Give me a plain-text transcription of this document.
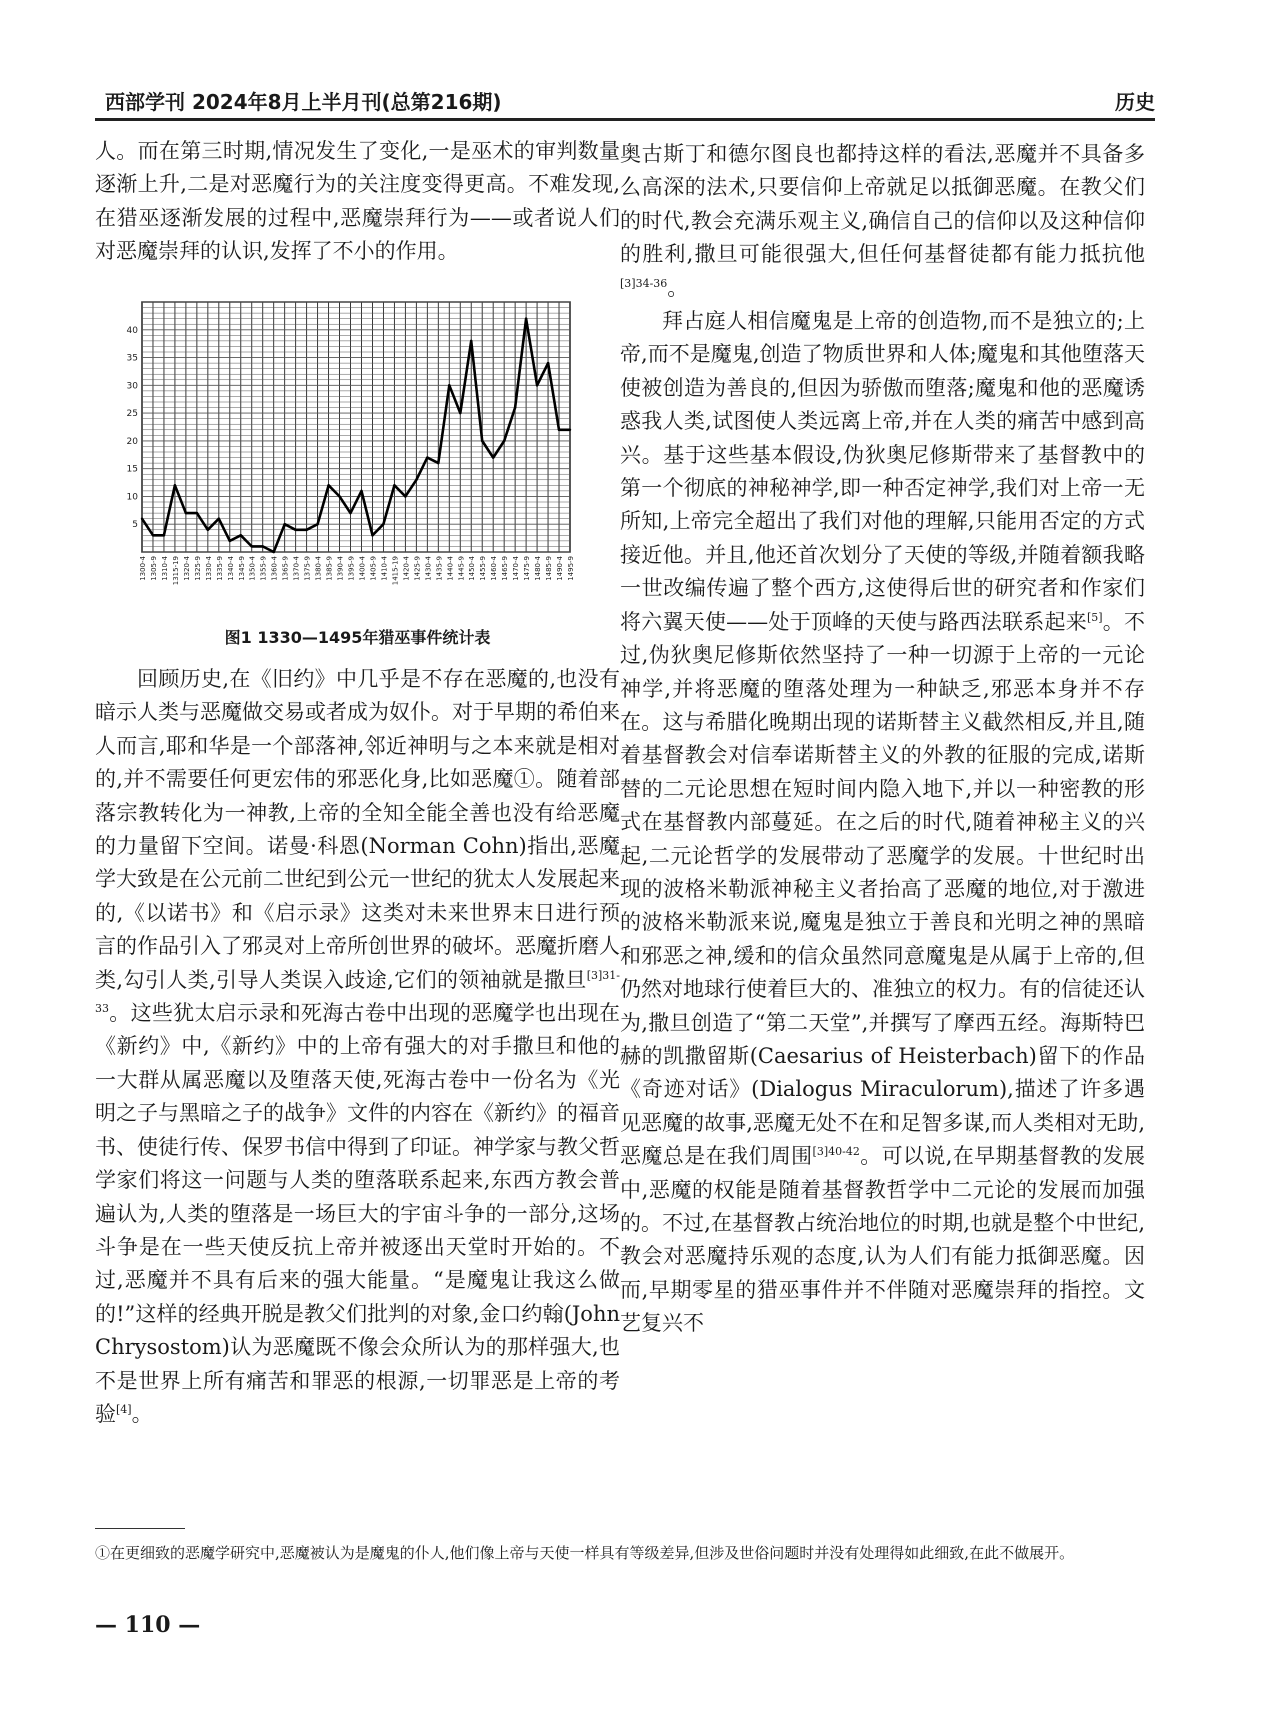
西部学刊 2024年8月上半月刊(总第216期)	历史

人。而在第三时期,情况发生了变化,一是巫术的审判数量逐渐上升,二是对恶魔行为的关注度变得更高。不难发现,在猎巫逐渐发展的过程中,恶魔崇拜行为——或者说人们对恶魔崇拜的认识,发挥了不小的作用。

5
10
15
20
25
30
35
40
1300-4 1305-9 1310-4 1315-19 1320-4 1325-9 1330-4 1335-9 1340-4 1345-9 1350-4 1355-9 1360-4 1365-9 1370-4 1375-9 1380-4 1385-9 1390-4 1395-9 1400-4 1405-9 1410-4 1415-19 1420-4 1425-9 1430-4 1435-9 1440-4 1445-9 1450-4 1455-9 1460-4 1465-9 1470-4 1475-9 1480-4 1485-9 1490-4 1495-9
图1 1330—1495年猎巫事件统计表

回顾历史,在《旧约》中几乎是不存在恶魔的,也没有暗示人类与恶魔做交易或者成为奴仆。对于早期的希伯来人而言,耶和华是一个部落神,邻近神明与之本来就是相对的,并不需要任何更宏伟的邪恶化身,比如恶魔①。随着部落宗教转化为一神教,上帝的全知全能全善也没有给恶魔的力量留下空间。诺曼·科恩(Norman Cohn)指出,恶魔学大致是在公元前二世纪到公元一世纪的犹太人发展起来的,《以诺书》和《启示录》这类对未来世界末日进行预言的作品引入了邪灵对上帝所创世界的破坏。恶魔折磨人类,勾引人类,引导人类误入歧途,它们的领袖就是撒旦$^{[3]31-33}$。这些犹太启示录和死海古卷中出现的恶魔学也出现在《新约》中,《新约》中的上帝有强大的对手撒旦和他的一大群从属恶魔以及堕落天使,死海古卷中一份名为《光明之子与黑暗之子的战争》文件的内容在《新约》的福音书、使徒行传、保罗书信中得到了印证。神学家与教父哲学家们将这一问题与人类的堕落联系起来,东西方教会普遍认为,人类的堕落是一场巨大的宇宙斗争的一部分,这场斗争是在一些天使反抗上帝并被逐出天堂时开始的。不过,恶魔并不具有后来的强大能量。“是魔鬼让我这么做的!”这样的经典开脱是教父们批判的对象,金口约翰(John Chrysostom)认为恶魔既不像会众所认为的那样强大,也不是世界上所有痛苦和罪恶的根源,一切罪恶是上帝的考验[4]。

奥古斯丁和德尔图良也都持这样的看法,恶魔并不具备多么高深的法术,只要信仰上帝就足以抵御恶魔。在教父们的时代,教会充满乐观主义,确信自己的信仰以及这种信仰的胜利,撒旦可能很强大,但任何基督徒都有能力抵抗他$^{[3]34-36}$。

拜占庭人相信魔鬼是上帝的创造物,而不是独立的;上帝,而不是魔鬼,创造了物质世界和人体;魔鬼和其他堕落天使被创造为善良的,但因为骄傲而堕落;魔鬼和他的恶魔诱惑我人类,试图使人类远离上帝,并在人类的痛苦中感到高兴。基于这些基本假设,伪狄奥尼修斯带来了基督教中的第一个彻底的神秘神学,即一种否定神学,我们对上帝一无所知,上帝完全超出了我们对他的理解,只能用否定的方式接近他。并且,他还首次划分了天使的等级,并随着额我略一世改编传遍了整个西方,这使得后世的研究者和作家们将六翼天使——处于顶峰的天使与路西法联系起来[5]。不过,伪狄奥尼修斯依然坚持了一种一切源于上帝的一元论神学,并将恶魔的堕落处理为一种缺乏,邪恶本身并不存在。这与希腊化晚期出现的诺斯替主义截然相反,并且,随着基督教会对信奉诺斯替主义的外教的征服的完成,诺斯替的二元论思想在短时间内隐入地下,并以一种密教的形式在基督教内部蔓延。在之后的时代,随着神秘主义的兴起,二元论哲学的发展带动了恶魔学的发展。十世纪时出现的波格米勒派神秘主义者抬高了恶魔的地位,对于激进的波格米勒派来说,魔鬼是独立于善良和光明之神的黑暗和邪恶之神,缓和的信众虽然同意魔鬼是从属于上帝的,但仍然对地球行使着巨大的、准独立的权力。有的信徒还认为,撒旦创造了“第二天堂”,并撰写了摩西五经。海斯特巴赫的凯撒留斯(Caesarius of Heisterbach)留下的作品《奇迹对话》(Dialogus Miraculorum),描述了许多遇见恶魔的故事,恶魔无处不在和足智多谋,而人类相对无助,恶魔总是在我们周围$^{[3]40-42}$。可以说,在早期基督教的发展中,恶魔的权能是随着基督教哲学中二元论的发展而加强的。不过,在基督教占统治地位的时期,也就是整个中世纪,教会对恶魔持乐观的态度,认为人们有能力抵御恶魔。因而,早期零星的猎巫事件并不伴随对恶魔崇拜的指控。文艺复兴不

①在更细致的恶魔学研究中,恶魔被认为是魔鬼的仆人,他们像上帝与天使一样具有等级差异,但涉及世俗问题时并没有处理得如此细致,在此不做展开。
— 110 —
